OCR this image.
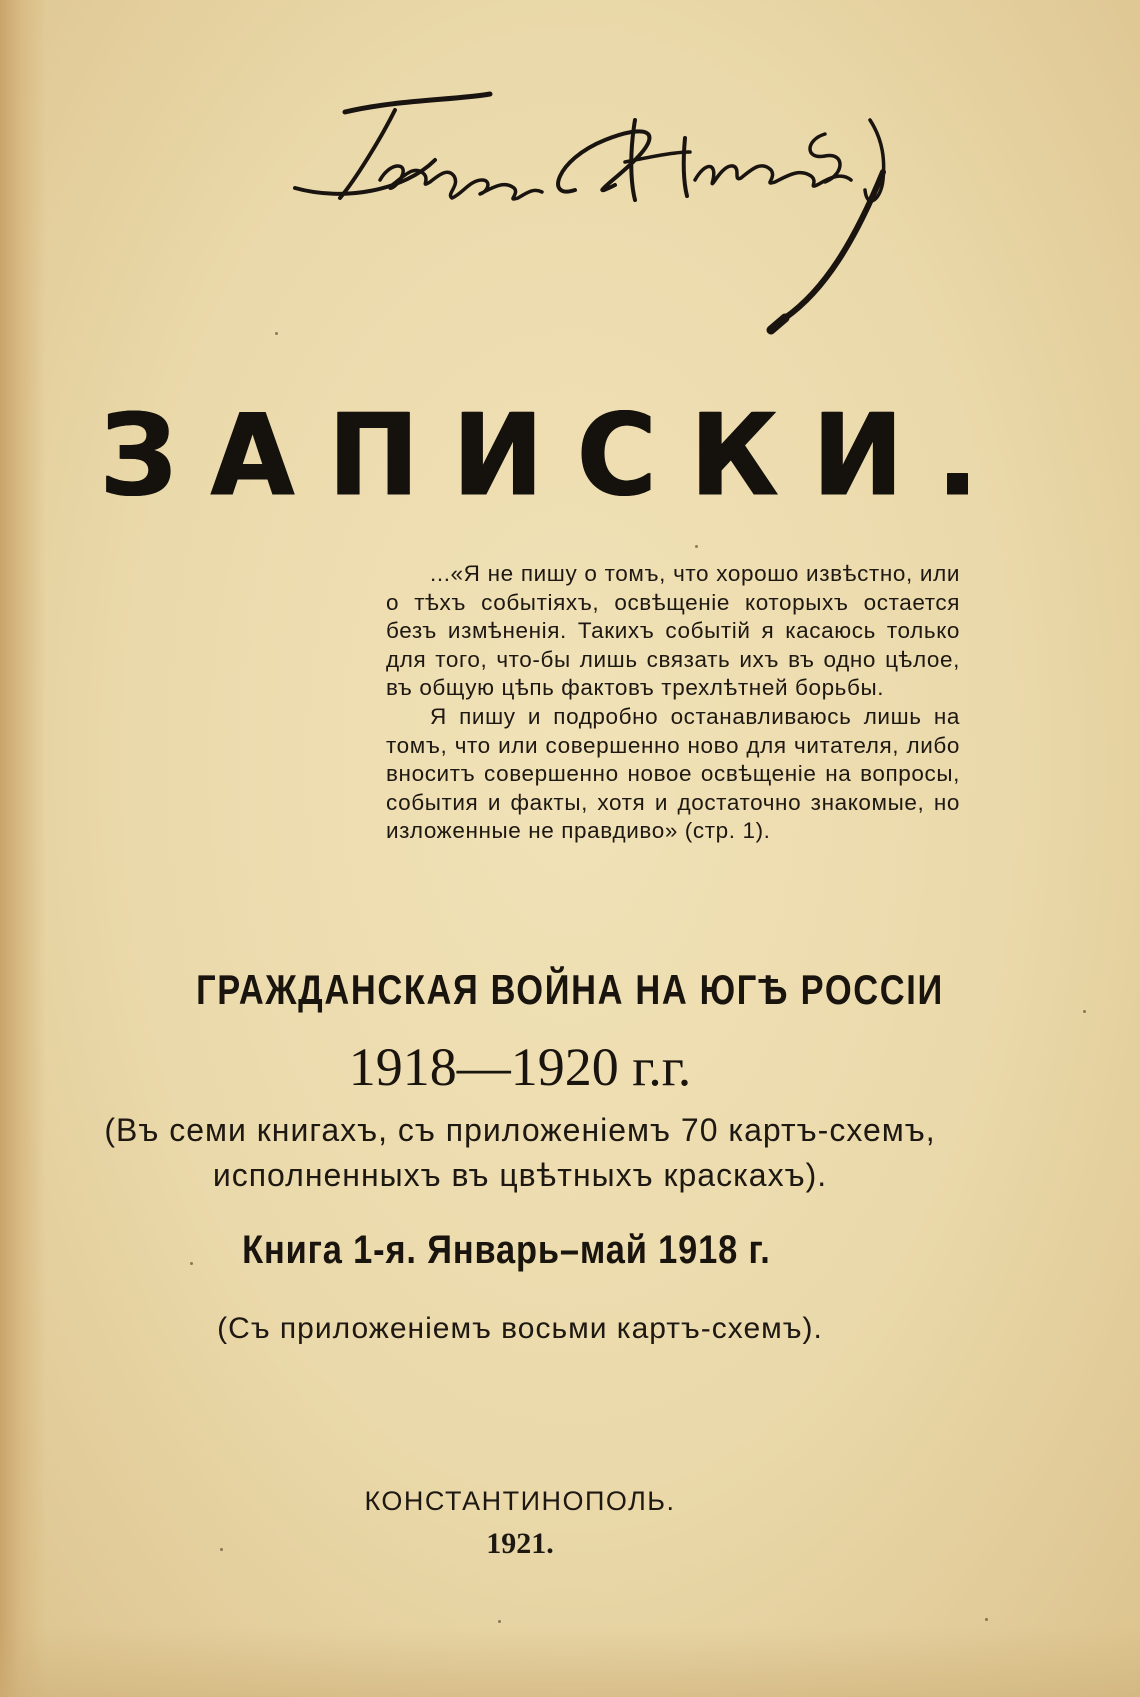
Генерал Деникин
ЗАПИСКИ.

...«Я не пишу о томъ, что хорошо извѣстно, или о тѣхъ событіяхъ, освѣщеніе которыхъ остается безъ измѣненія. Такихъ событій я касаюсь только для того, что-бы лишь связать ихъ въ одно цѣлое, въ общую цѣпь фактовъ трехлѣтней борьбы.

Я пишу и подробно останавливаюсь лишь на томъ, что или совершенно ново для читателя, либо вноситъ совершенно новое освѣщеніе на вопросы, события и факты, хотя и достаточно знакомые, но изложенные не правдиво» (стр. 1).

ГРАЖДАНСКАЯ ВОЙНА НА ЮГѢ РОССІИ
1918—1920 г.г.
(Въ семи книгахъ, съ приложеніемъ 70 картъ-схемъ,
исполненныхъ въ цвѣтныхъ краскахъ).
Книга 1-я. Январь–май 1918 г.
(Съ приложеніемъ восьми картъ-схемъ).
КОНСТАНТИНОПОЛЬ.
1921.
